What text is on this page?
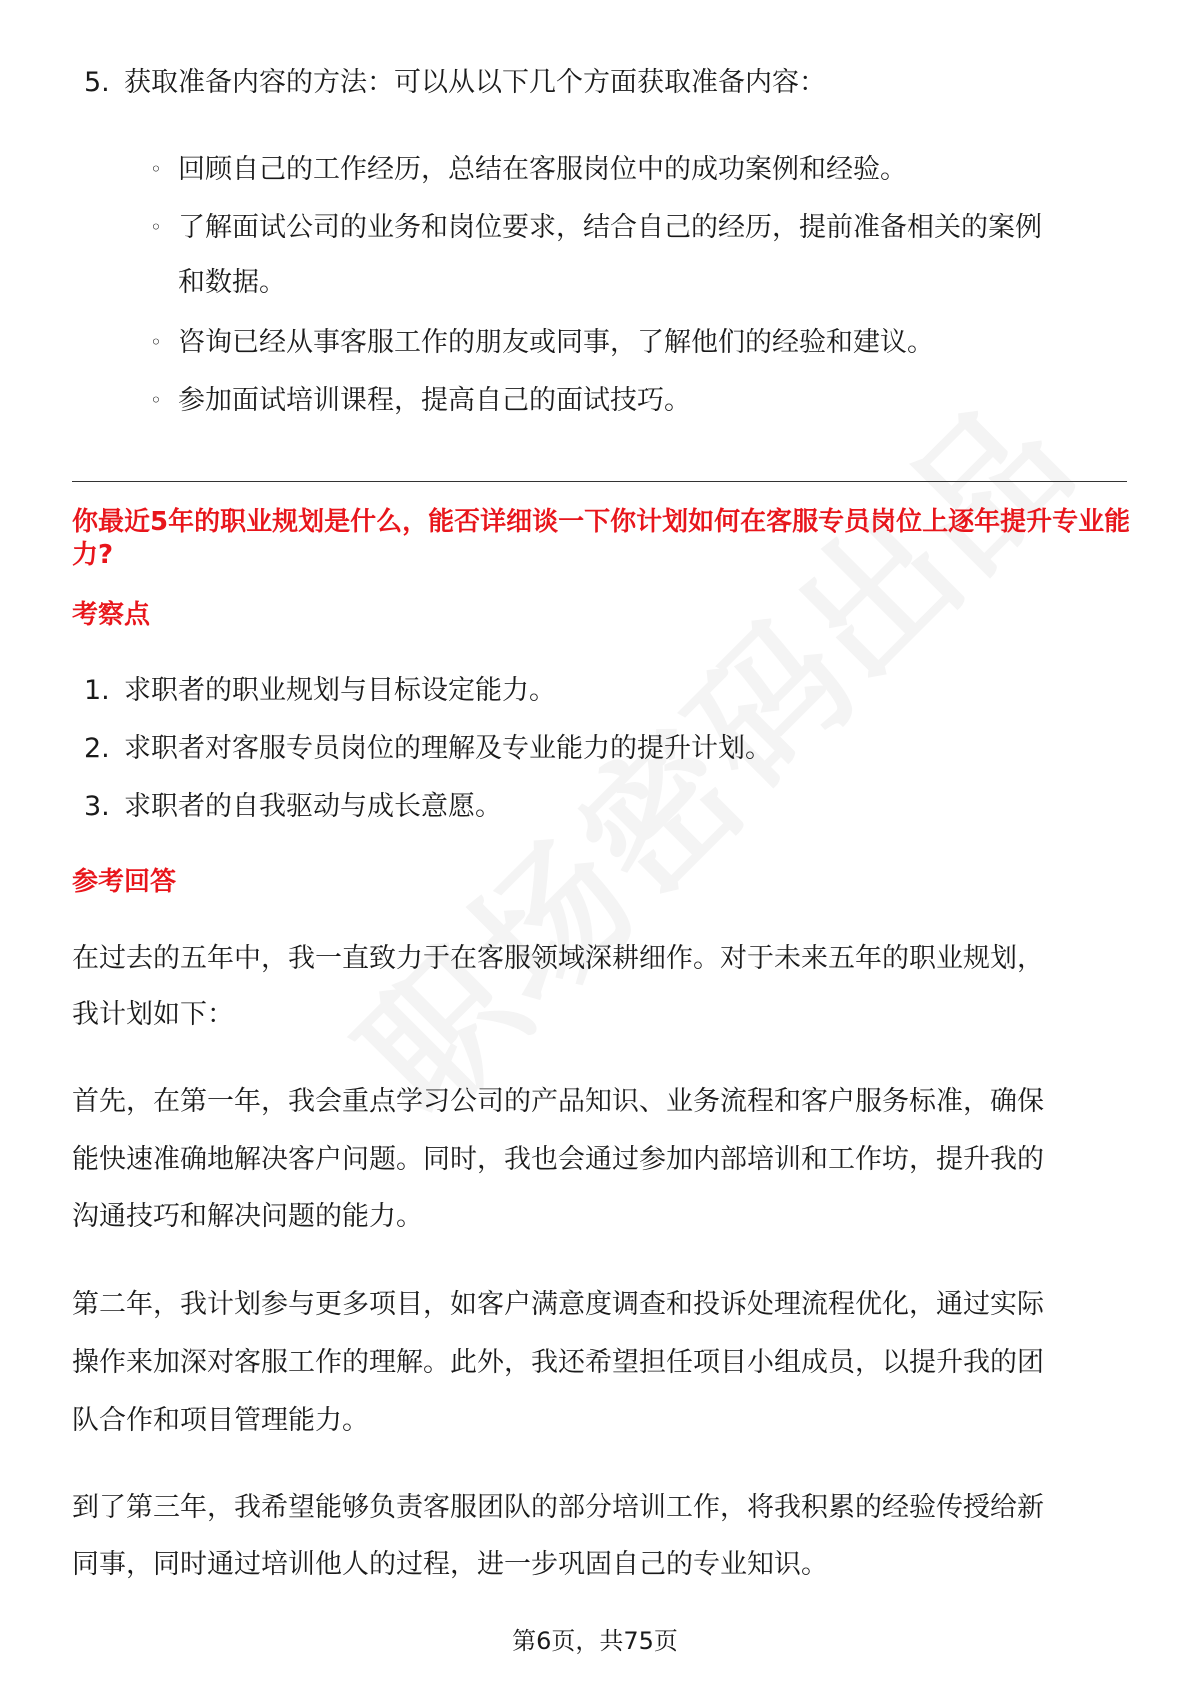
5. 获取准备内容的方法：可以从以下几个方面获取准备内容：
◦ 回顾自己的工作经历，总结在客服岗位中的成功案例和经验。
◦ 了解面试公司的业务和岗位要求，结合自己的经历，提前准备相关的案例
和数据。
◦ 咨询已经从事客服工作的朋友或同事，了解他们的经验和建议。
◦ 参加面试培训课程，提高自己的面试技巧。
你最近5年的职业规划是什么，能否详细谈一下你计划如何在客服专员岗位上逐年提升专业能力?
考察点
1. 求职者的职业规划与目标设定能力。
2. 求职者对客服专员岗位的理解及专业能力的提升计划。
3. 求职者的自我驱动与成长意愿。
参考回答
在过去的五年中，我一直致力于在客服领域深耕细作。对于未来五年的职业规划，
我计划如下：
首先，在第一年，我会重点学习公司的产品知识、业务流程和客户服务标准，确保
能快速准确地解决客户问题。同时，我也会通过参加内部培训和工作坊，提升我的
沟通技巧和解决问题的能力。
第二年，我计划参与更多项目，如客户满意度调查和投诉处理流程优化，通过实际
操作来加深对客服工作的理解。此外，我还希望担任项目小组成员，以提升我的团
队合作和项目管理能力。
到了第三年，我希望能够负责客服团队的部分培训工作，将我积累的经验传授给新
同事，同时通过培训他人的过程，进一步巩固自己的专业知识。
第6页，共75页
